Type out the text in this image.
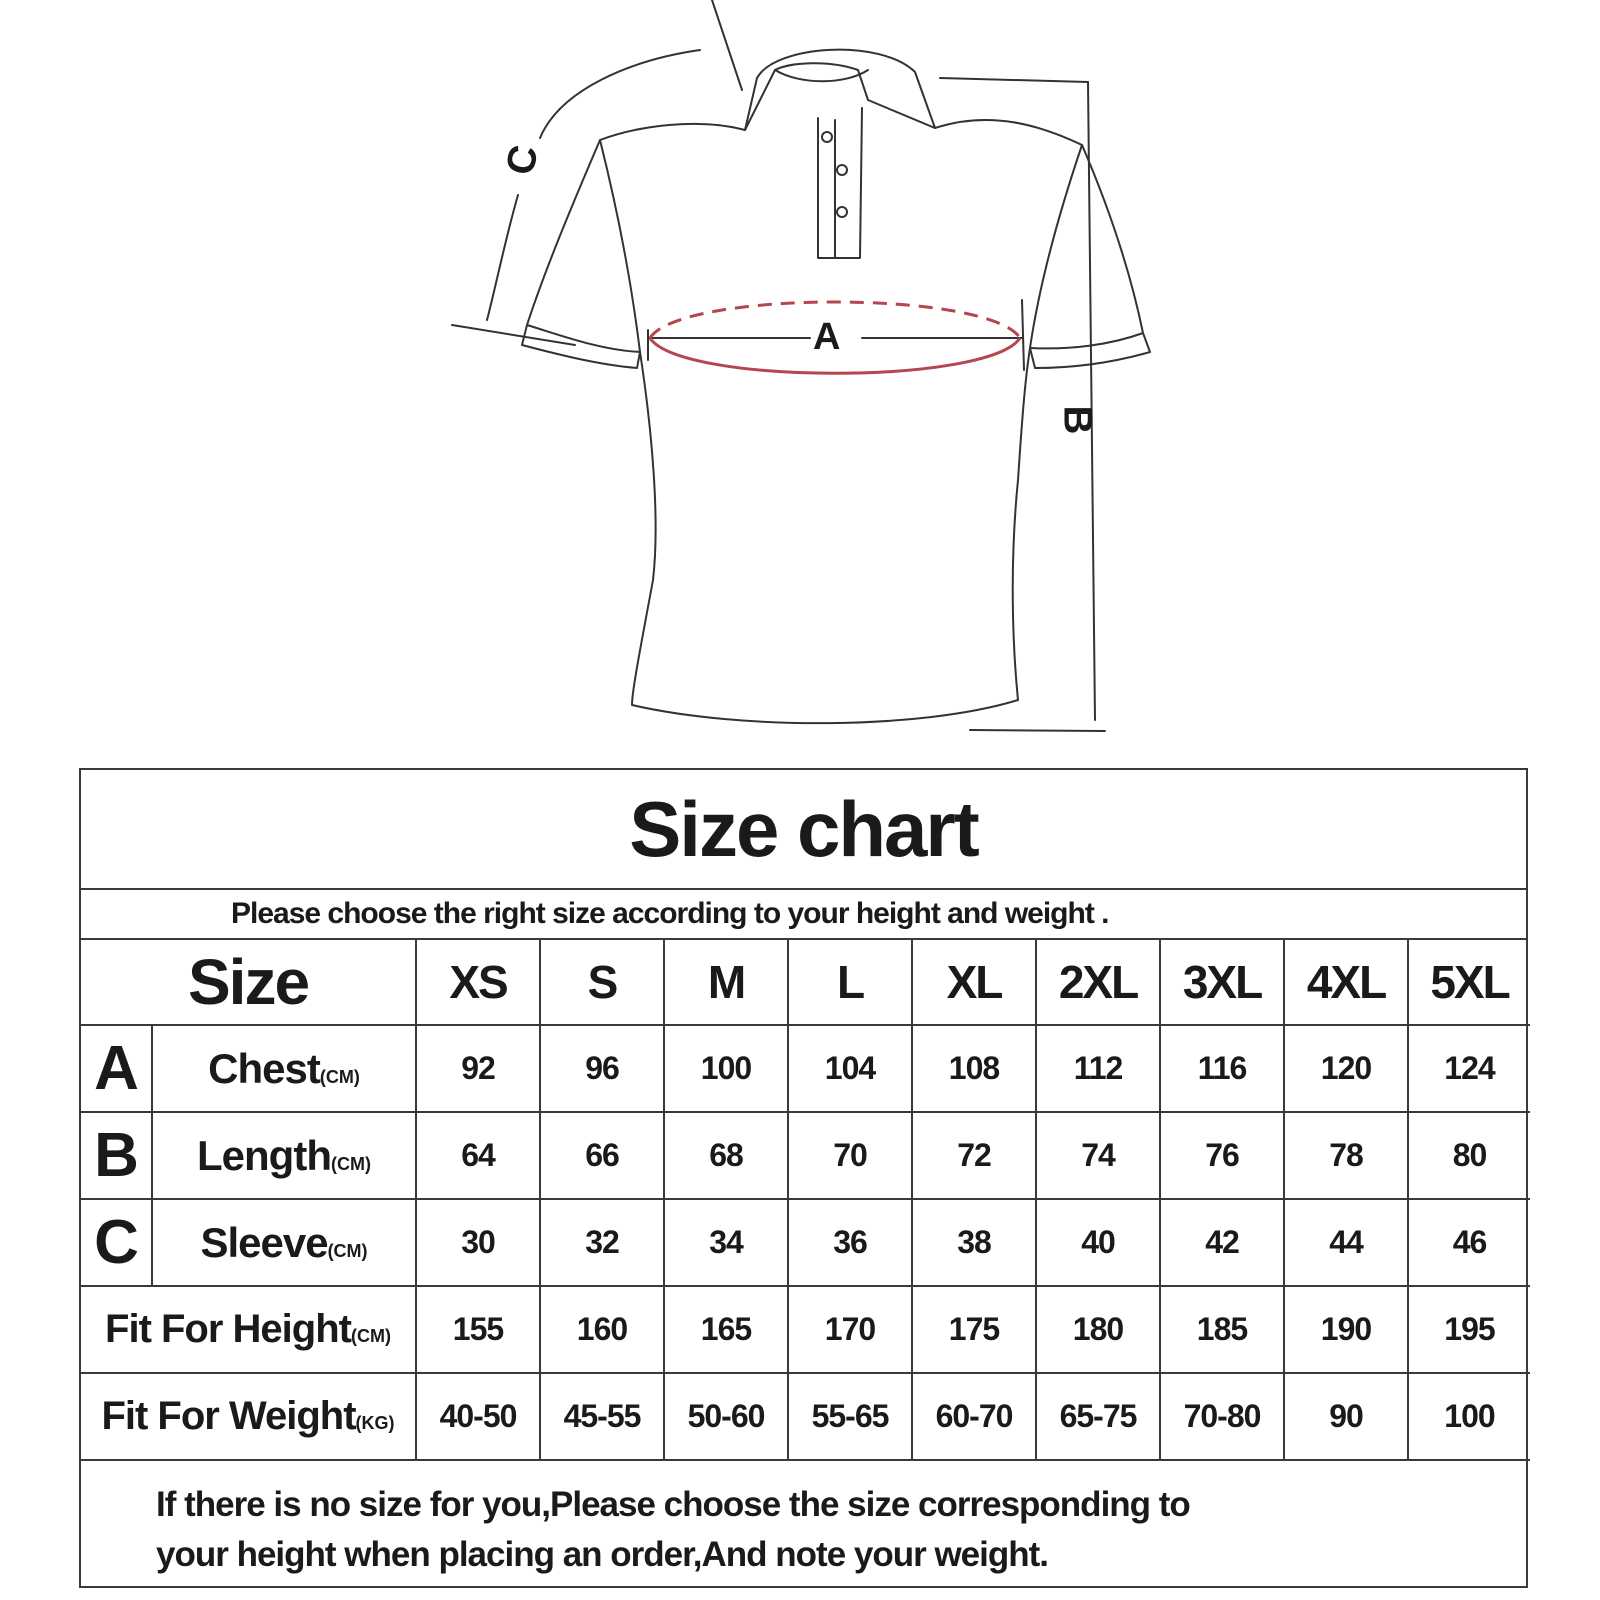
C
A
B
Size chart
Please choose the right size according to your height and weight .
Size		XS	S	M	L	XL	2XL	3XL	4XL	5XL
A	Chest(CM)	92	96	100	104	108	112	116	120	124
B	Length(CM)	64	66	68	70	72	74	76	78	80
C	Sleeve(CM)	30	32	34	36	38	40	42	44	46
Fit For Height(CM)		155	160	165	170	175	180	185	190	195
Fit For Weight(KG)		40-50	45-55	50-60	55-65	60-70	65-75	70-80	90	100
If there is no size for you,Please choose the size corresponding to
your height when placing an order,And note your weight.
